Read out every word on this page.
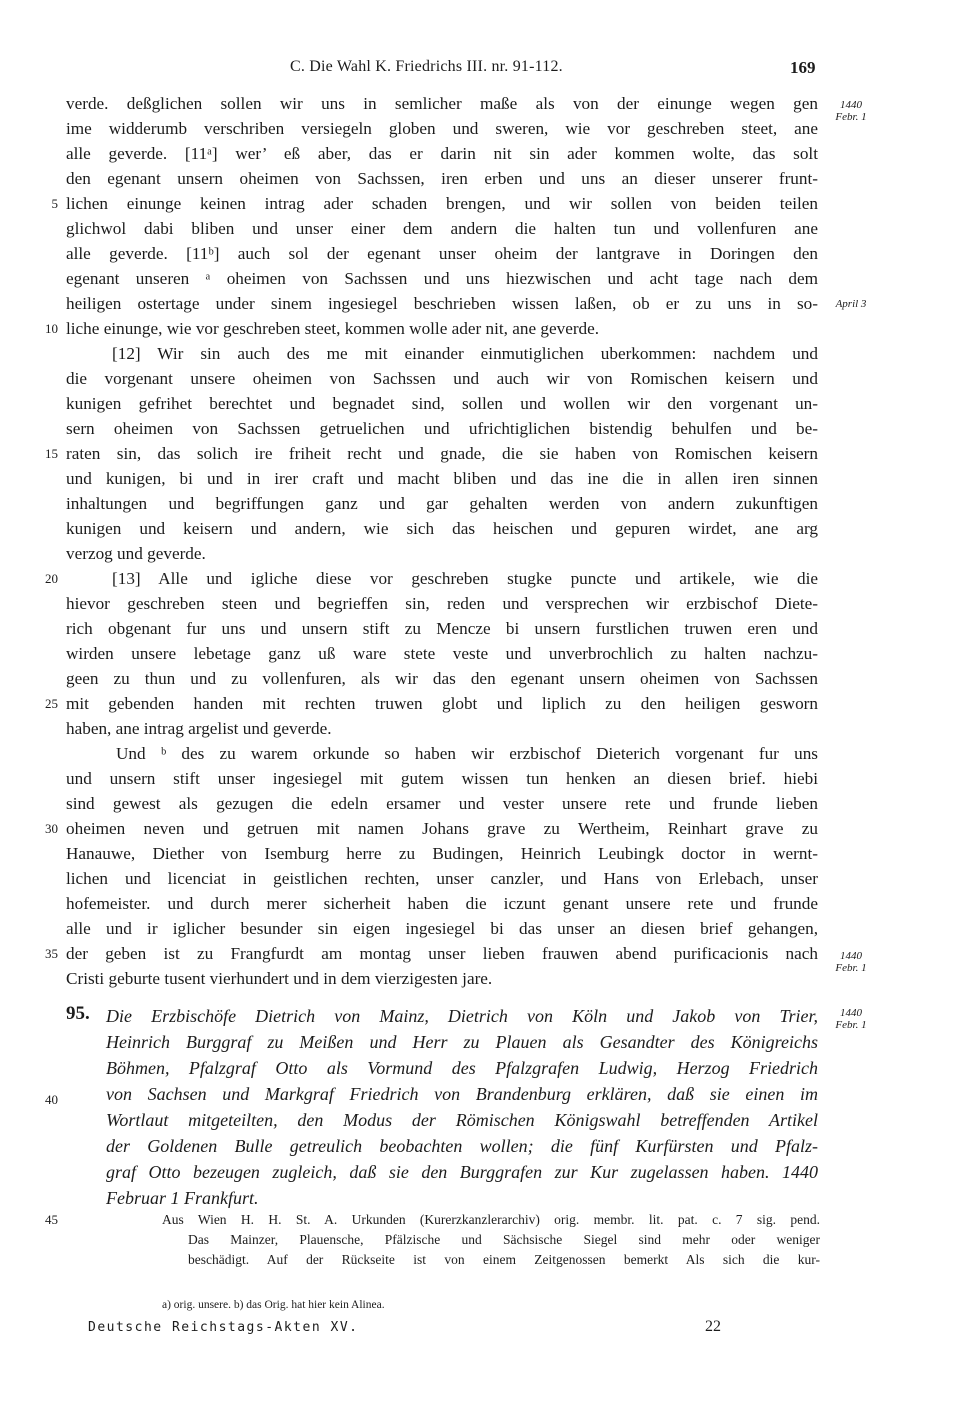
C. Die Wahl K. Friedrichs III. nr. 91-112.	169
verde. deßglichen sollen wir uns in semlicher maße als von der einunge wegen gen
ime widderumb verschriben versiegeln globen und sweren, wie vor geschreben steet, ane
alle geverde. [11ᵃ] wer’ eß aber, das er darin nit sin ader kommen wolte, das solt
den egenant unsern oheimen von Sachssen, iren erben und uns an dieser unserer frunt-
lichen einunge keinen intrag ader schaden brengen, und wir sollen von beiden teilen
glichwol dabi bliben und unser einer dem andern die halten tun und vollenfuren ane
alle geverde. [11ᵇ] auch sol der egenant unser oheim der lantgrave in Doringen den
egenant unseren ᵃ oheimen von Sachssen und uns hiezwischen und acht tage nach dem
heiligen ostertage under sinem ingesiegel beschrieben wissen laßen, ob er zu uns in so-
liche einunge, wie vor geschreben steet, kommen wolle ader nit, ane geverde.
[12] Wir sin auch des me mit einander einmutiglichen uberkommen: nachdem und
die vorgenant unsere oheimen von Sachssen und auch wir von Romischen keisern und
kunigen gefrihet berechtet und begnadet sind, sollen und wollen wir den vorgenant un-
sern oheimen von Sachssen getruelichen und ufrichtiglichen bistendig behulfen und be-
raten sin, das solich ire friheit recht und gnade, die sie haben von Romischen keisern
und kunigen, bi und in irer craft und macht bliben und das ine die in allen iren sinnen
inhaltungen und begriffungen ganz und gar gehalten werden von andern zukunftigen
kunigen und keisern und andern, wie sich das heischen und gepuren wirdet, ane arg
verzog und geverde.
[13] Alle und igliche diese vor geschreben stugke puncte und artikele, wie die
hievor geschreben steen und begrieffen sin, reden und versprechen wir erzbischof Diete-
rich obgenant fur uns und unsern stift zu Mencze bi unsern furstlichen truwen eren und
wirden unsere lebetage ganz uß ware stete veste und unverbrochlich zu halten nachzu-
geen zu thun und zu vollenfuren, als wir das den egenant unsern oheimen von Sachssen
mit gebenden handen mit rechten truwen globt und liplich zu den heiligen gesworn
haben, ane intrag argelist und geverde.
Und ᵇ des zu warem orkunde so haben wir erzbischof Dieterich vorgenant fur uns
und unsern stift unser ingesiegel mit gutem wissen tun henken an diesen brief. hiebi
sind gewest als gezugen die edeln ersamer und vester unsere rete und frunde lieben
oheimen neven und getruen mit namen Johans grave zu Wertheim, Reinhart grave zu
Hanauwe, Diether von Isemburg herre zu Budingen, Heinrich Leubingk doctor in wernt-
lichen und licenciat in geistlichen rechten, unser canzler, und Hans von Erlebach, unser
hofemeister. und durch merer sicherheit haben die iczunt genant unsere rete und frunde
alle und ir iglicher besunder sin eigen ingesiegel bi das unser an diesen brief gehangen,
der geben ist zu Frangfurdt am montag unser lieben frauwen abend purificacionis nach
Cristi geburte tusent vierhundert und in dem vierzigesten jare.
5
10
15
20
25
30
35
40
45
1440
Febr. 1
April 3
1440
Febr. 1
1440
Febr. 1
95. Die Erzbischöfe Dietrich von Mainz, Dietrich von Köln und Jakob von Trier,
Heinrich Burggraf zu Meißen und Herr zu Plauen als Gesandter des Königreichs
Böhmen, Pfalzgraf Otto als Vormund des Pfalzgrafen Ludwig, Herzog Friedrich
von Sachsen und Markgraf Friedrich von Brandenburg erklären, daß sie einen im
Wortlaut mitgeteilten, den Modus der Römischen Königswahl betreffenden Artikel
der Goldenen Bulle getreulich beobachten wollen; die fünf Kurfürsten und Pfalz-
graf Otto bezeugen zugleich, daß sie den Burggrafen zur Kur zugelassen haben. 1440
Februar 1 Frankfurt.
Aus Wien H. H. St. A. Urkunden (Kurerzkanzlerarchiv) orig. membr. lit. pat. c. 7 sig. pend.
Das Mainzer, Plauensche, Pfälzische und Sächsische Siegel sind mehr oder weniger
beschädigt. Auf der Rückseite ist von einem Zeitgenossen bemerkt Als sich die kur-
a) orig. unsere. b) das Orig. hat hier kein Alinea.
Deutsche Reichstags-Akten XV.	22
